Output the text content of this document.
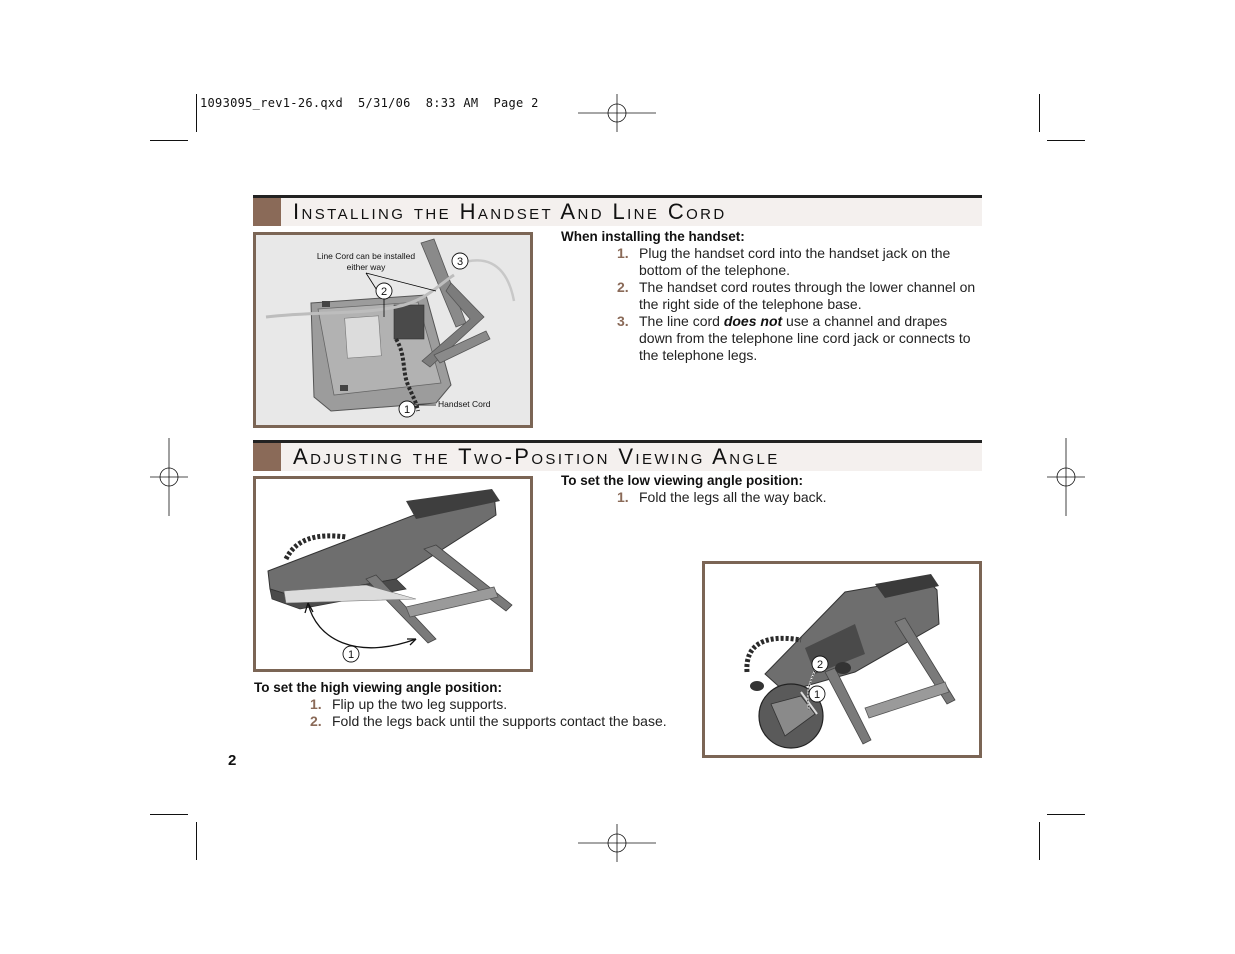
1093095_rev1-26.qxd  5/31/06  8:33 AM  Page 2
Installing the Handset And Line Cord
Line Cord can be installed
either way
Handset Cord
2
3
1
When installing the handset:
1. Plug the handset cord into the handset jack on the bottom of the telephone.
2. The handset cord routes through the lower channel on the right side of the telephone base.
3. The line cord does not use a channel and drapes down from the telephone line cord jack or connects to the telephone legs.
Adjusting the Two-Position Viewing Angle
1
To set the low viewing angle position:
1. Fold the legs all the way back.
2
1
To set the high viewing angle position:
1. Flip up the two leg supports.
2. Fold the legs back until the supports contact the base.
2
